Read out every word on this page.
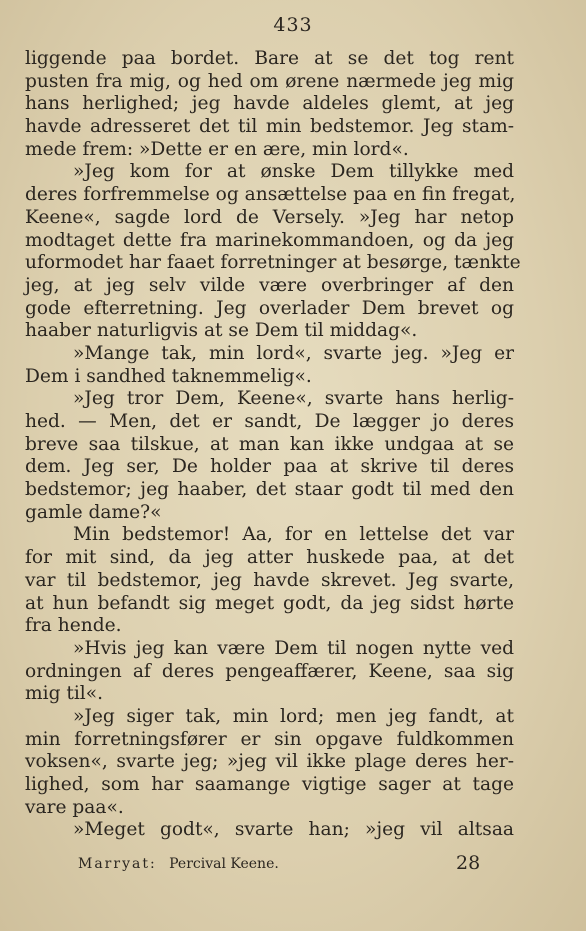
433
liggende paa bordet. Bare at se det tog rent
pusten fra mig, og hed om ørene nærmede jeg mig
hans herlighed; jeg havde aldeles glemt, at jeg
havde adresseret det til min bedstemor. Jeg stam-
mede frem: »Dette er en ære, min lord«.
»Jeg kom for at ønske Dem tillykke med
deres forfremmelse og ansættelse paa en fin fregat,
Keene«, sagde lord de Versely. »Jeg har netop
modtaget dette fra marinekommandoen, og da jeg
uformodet har faaet forretninger at besørge, tænkte
jeg, at jeg selv vilde være overbringer af den
gode efterretning. Jeg overlader Dem brevet og
haaber naturligvis at se Dem til middag«.
»Mange tak, min lord«, svarte jeg. »Jeg er
Dem i sandhed taknemmelig«.
»Jeg tror Dem, Keene«, svarte hans herlig-
hed. — Men, det er sandt, De lægger jo deres
breve saa tilskue, at man kan ikke undgaa at se
dem. Jeg ser, De holder paa at skrive til deres
bedstemor; jeg haaber, det staar godt til med den
gamle dame?«
Min bedstemor! Aa, for en lettelse det var
for mit sind, da jeg atter huskede paa, at det
var til bedstemor, jeg havde skrevet. Jeg svarte,
at hun befandt sig meget godt, da jeg sidst hørte
fra hende.
»Hvis jeg kan være Dem til nogen nytte ved
ordningen af deres pengeaffærer, Keene, saa sig
mig til«.
»Jeg siger tak, min lord; men jeg fandt, at
min forretningsfører er sin opgave fuldkommen
voksen«, svarte jeg; »jeg vil ikke plage deres her-
lighed, som har saamange vigtige sager at tage
vare paa«.
»Meget godt«, svarte han; »jeg vil altsaa
Marryat: Percival Keene.	28
